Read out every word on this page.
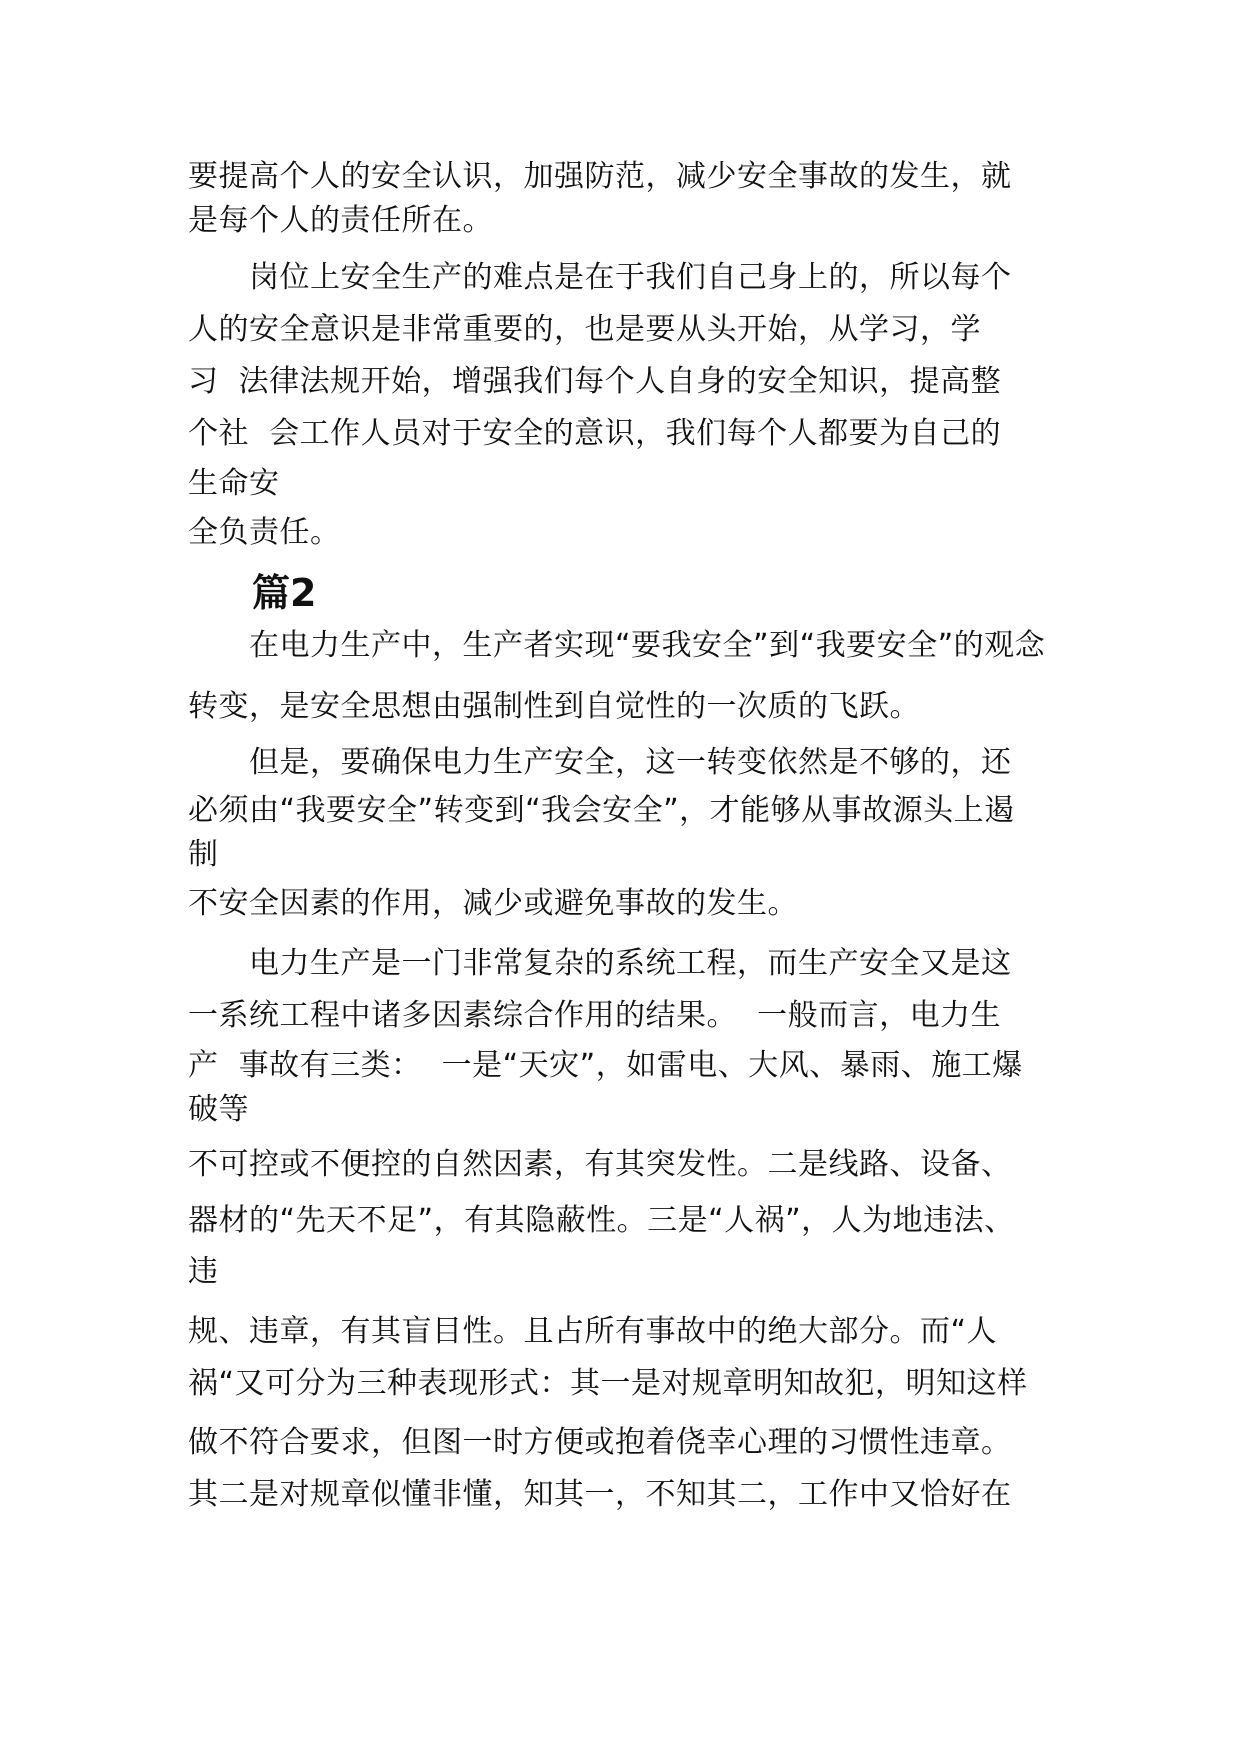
要提高个人的安全认识，加强防范，减少安全事故的发生，就
是每个人的责任所在。
　　岗位上安全生产的难点是在于我们自己身上的，所以每个
人的安全意识是非常重要的，也是要从头开始，从学习，学
习  法律法规开始，增强我们每个人自身的安全知识，提高整
个社  会工作人员对于安全的意识，我们每个人都要为自己的
生命安
全负责任。
篇2
　　在电力生产中，生产者实现“要我安全”到“我要安全”的观念
转变，是安全思想由强制性到自觉性的一次质的飞跃。
　　但是，要确保电力生产安全，这一转变依然是不够的，还
必须由“我要安全”转变到“我会安全”，才能够从事故源头上遏
制
不安全因素的作用，减少或避免事故的发生。
　　电力生产是一门非常复杂的系统工程，而生产安全又是这
一系统工程中诸多因素综合作用的结果。  一般而言，电力生
产  事故有三类：  一是“天灾”，如雷电、大风、暴雨、施工爆
破等
不可控或不便控的自然因素，有其突发性。二是线路、设备、
器材的“先天不足”，有其隐蔽性。三是“人祸”，人为地违法、
违
规、违章，有其盲目性。且占所有事故中的绝大部分。而“人
祸“又可分为三种表现形式：其一是对规章明知故犯，明知这样
做不符合要求，但图一时方便或抱着侥幸心理的习惯性违章。
其二是对规章似懂非懂，知其一，不知其二，工作中又恰好在
